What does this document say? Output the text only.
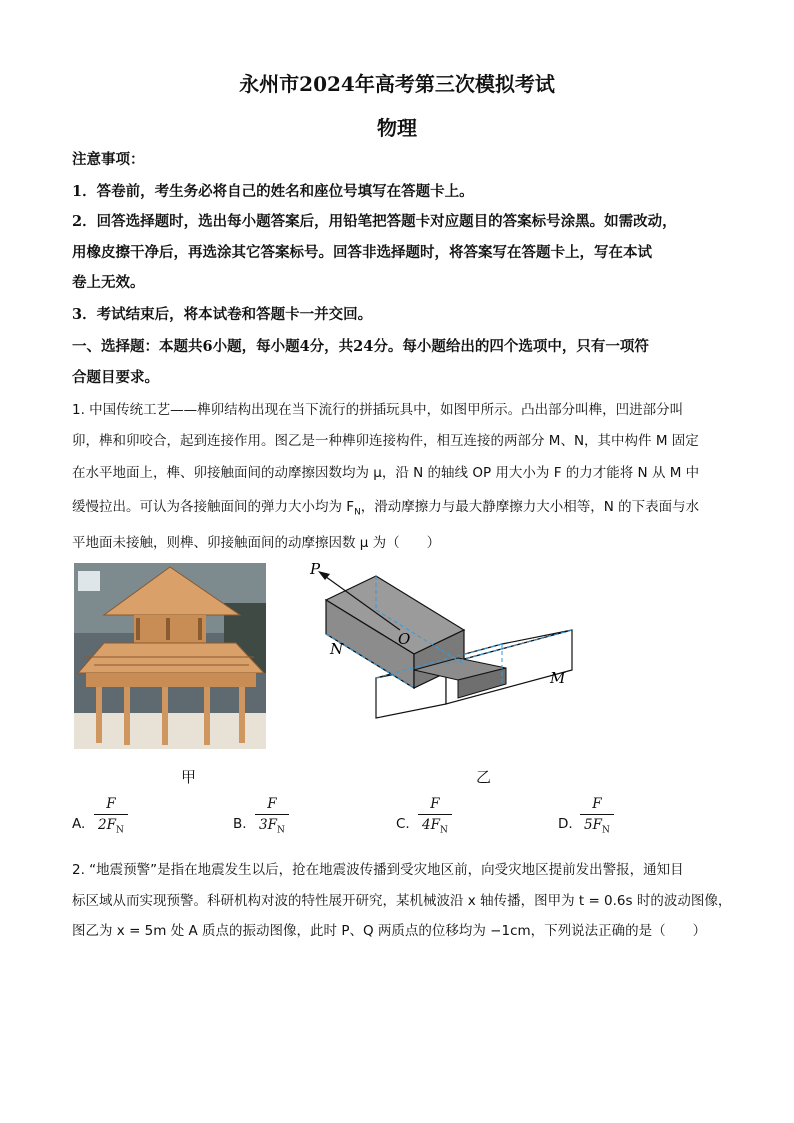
永州市2024年高考第三次模拟考试
物理
注意事项：
1．答卷前，考生务必将自己的姓名和座位号填写在答题卡上。
2．回答选择题时，选出每小题答案后，用铅笔把答题卡对应题目的答案标号涂黑。如需改动，
用橡皮擦干净后，再选涂其它答案标号。回答非选择题时，将答案写在答题卡上，写在本试
卷上无效。
3．考试结束后，将本试卷和答题卡一并交回。
一、选择题：本题共6小题，每小题4分，共24分。每小题给出的四个选项中，只有一项符
合题目要求。
1. 中国传统工艺——榫卯结构出现在当下流行的拼插玩具中，如图甲所示。凸出部分叫榫，凹进部分叫
卯，榫和卯咬合，起到连接作用。图乙是一种榫卯连接构件，相互连接的两部分 M、N，其中构件 M 固定
在水平地面上，榫、卯接触面间的动摩擦因数均为 μ，沿 N 的轴线 OP 用大小为 F 的力才能将 N 从 M 中
缓慢拉出。可认为各接触面间的弹力大小均为 $F_N$，滑动摩擦力与最大静摩擦力大小相等，N 的下表面与水
平地面未接触，则榫、卯接触面间的动摩擦因数 μ 为（　　）
P
O
N
M
甲	乙
A.
F
$2F_N$	B.
F
$3F_N$	C.
F
$4F_N$	D.
F
$5F_N$
2. “地震预警”是指在地震发生以后，抢在地震波传播到受灾地区前，向受灾地区提前发出警报，通知目
标区域从而实现预警。科研机构对波的特性展开研究，某机械波沿 x 轴传播，图甲为 t = 0.6s 时的波动图像，
图乙为 x = 5m 处 A 质点的振动图像，此时 P、Q 两质点的位移均为 −1cm，下列说法正确的是（　　）
